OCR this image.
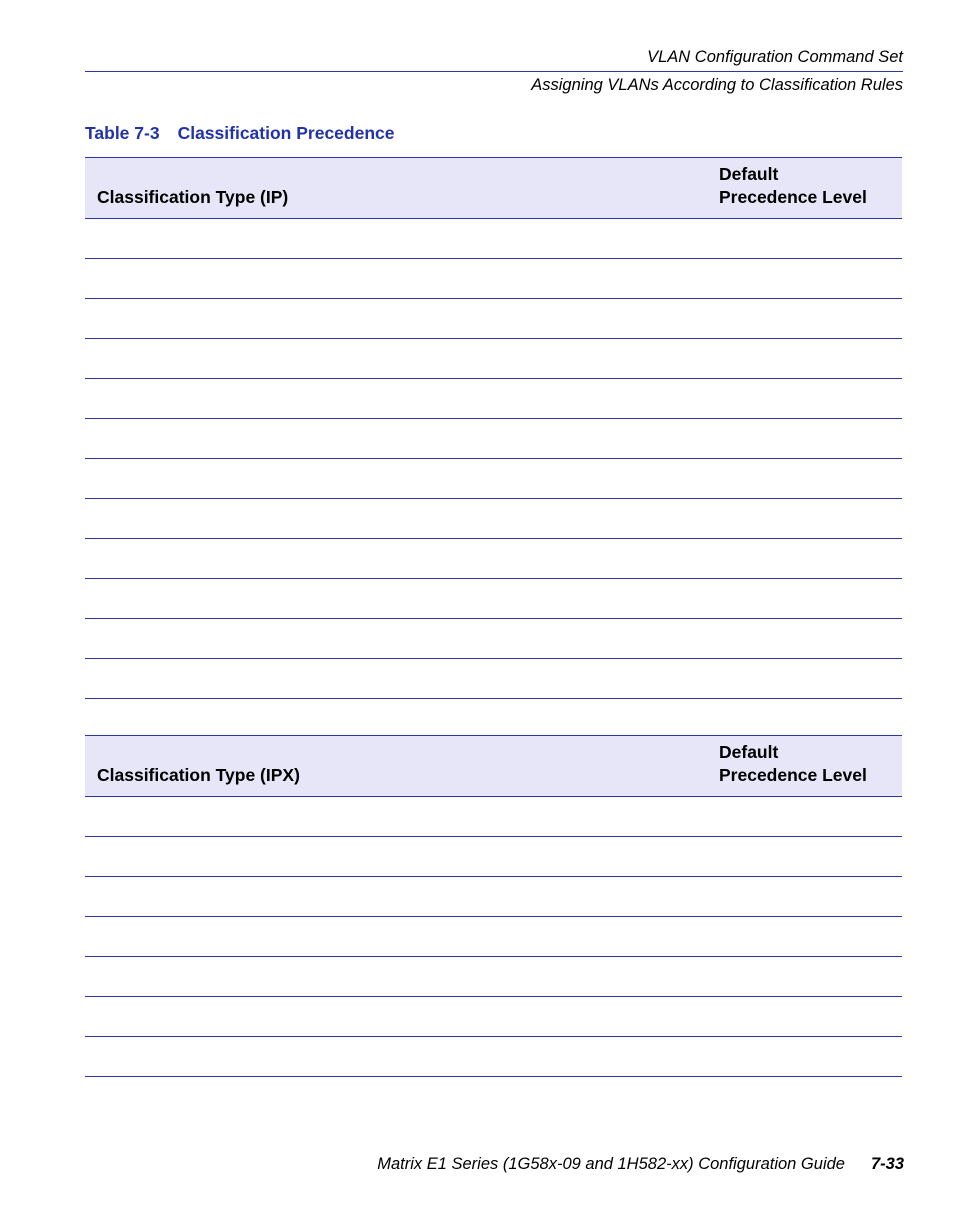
VLAN Configuration Command Set
Assigning VLANs According to Classification Rules
Table 7-3 Classification Precedence
Classification Type (IP)
Default
Precedence Level
Classification Type (IPX)
Default
Precedence Level
Matrix E1 Series (1G58x-09 and 1H582-xx) Configuration Guide 7-33
